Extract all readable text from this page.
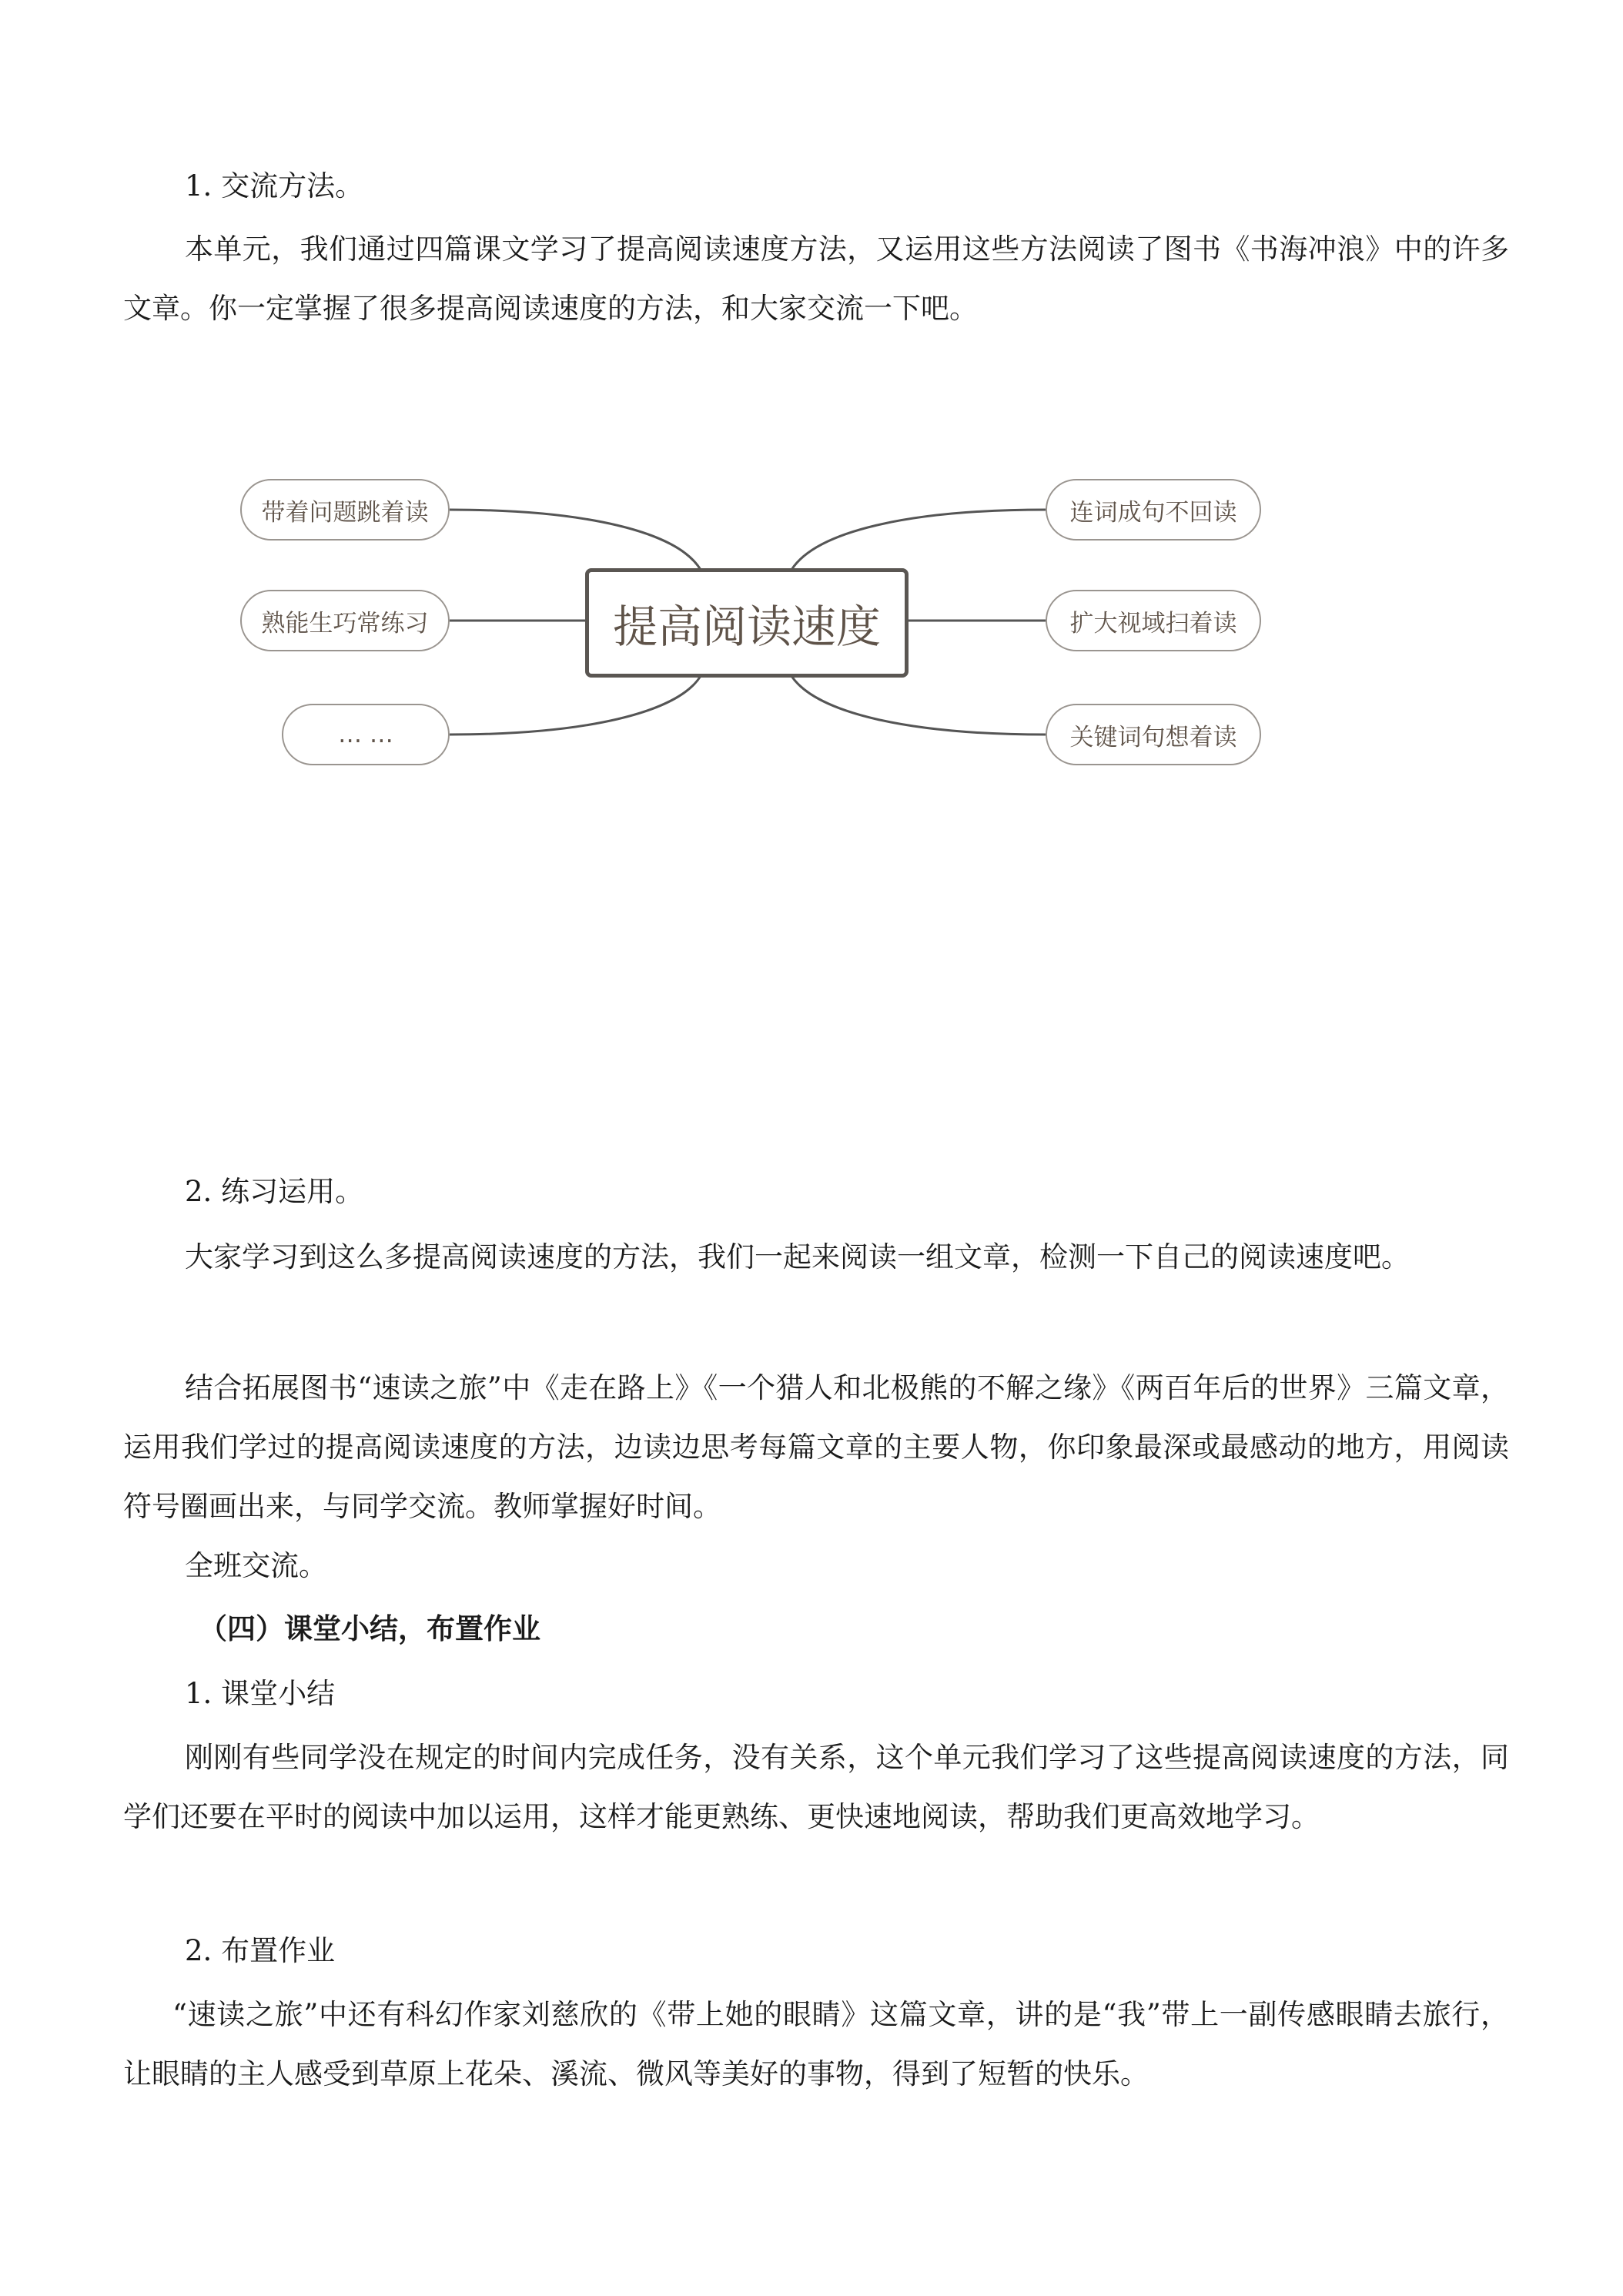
1. 交流方法。

本单元，我们通过四篇课文学习了提高阅读速度方法，又运用这些方法阅读了图书《书海冲浪》中的许多文章。你一定掌握了很多提高阅读速度的方法，和大家交流一下吧。

带着问题跳着读
熟能生巧常练习
… …
提高阅读速度
连词成句不回读
扩大视域扫着读
关键词句想着读

2. 练习运用。

大家学习到这么多提高阅读速度的方法，我们一起来阅读一组文章，检测一下自己的阅读速度吧。

结合拓展图书“速读之旅”中《走在路上》《一个猎人和北极熊的不解之缘》《两百年后的世界》三篇文章，运用我们学过的提高阅读速度的方法，边读边思考每篇文章的主要人物，你印象最深或最感动的地方，用阅读符号圈画出来，与同学交流。教师掌握好时间。

全班交流。

（四）课堂小结，布置作业

1. 课堂小结

刚刚有些同学没在规定的时间内完成任务，没有关系，这个单元我们学习了这些提高阅读速度的方法，同学们还要在平时的阅读中加以运用，这样才能更熟练、更快速地阅读，帮助我们更高效地学习。

2. 布置作业

“速读之旅”中还有科幻作家刘慈欣的《带上她的眼睛》这篇文章，讲的是“我”带上一副传感眼睛去旅行，让眼睛的主人感受到草原上花朵、溪流、微风等美好的事物，得到了短暂的快乐。
